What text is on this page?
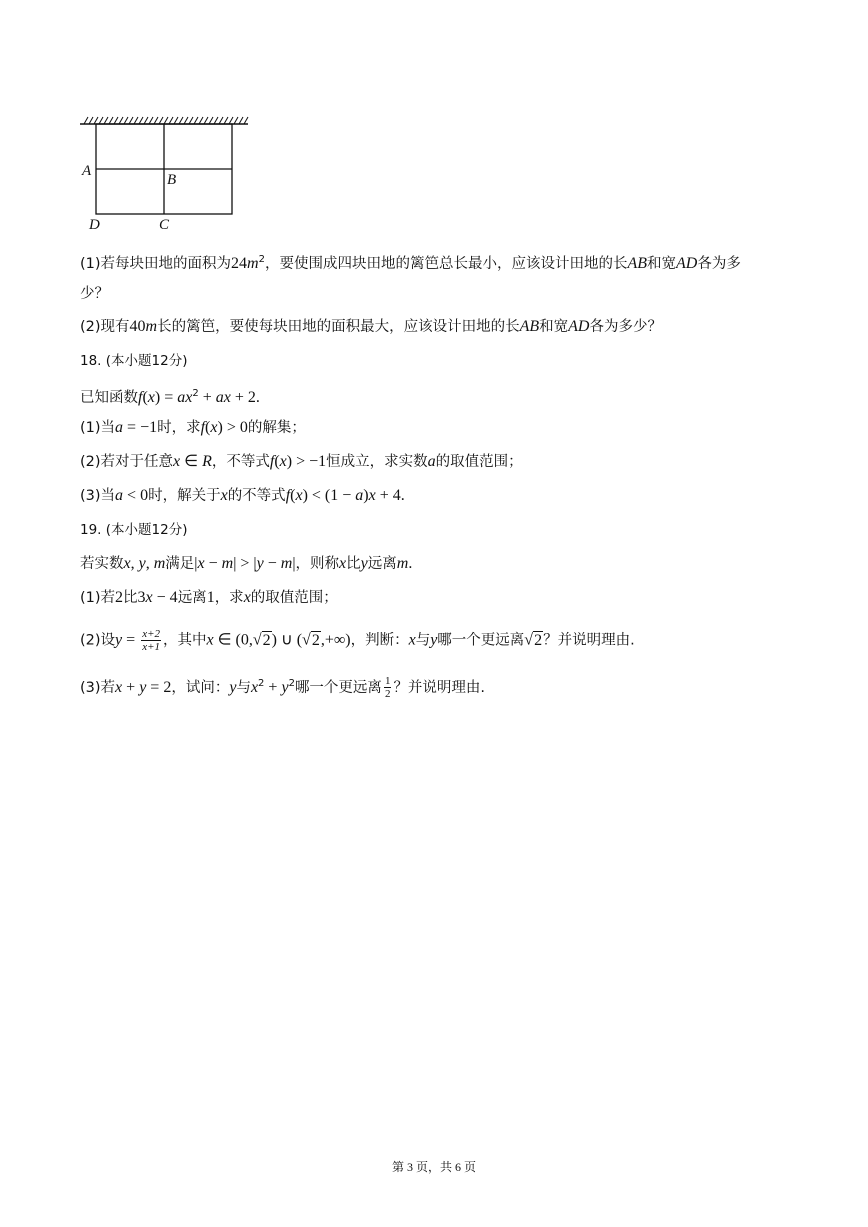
A
B
D	C
(1)若每块田地的面积为$24m^2$，要使围成四块田地的篱笆总长最小，应该设计田地的长AB和宽AD各为多
少？
(2)现有40m长的篱笆，要使每块田地的面积最大，应该设计田地的长AB和宽AD各为多少？
18. (本小题12分)
已知函数$f(x) = ax^2$ + ax + 2.
(1)当a = −1时，求f(x) > 0的解集；
(2)若对于任意x ∈ R，不等式f(x) > −1恒成立，求实数a的取值范围；
(3)当a < 0时，解关于x的不等式f(x) < (1 − a)x + 4.
19. (本小题12分)
若实数x, y, m满足|x − m| > |y − m|，则称x比y远离m.
(1)若2比3x − 4远离1，求x的取值范围；
(2)设$y = \frac{x+2}{x+1}$ ，其中x ∈ (0,√2) ∪ (√2,+∞)，判断：x与y哪一个更远离√2？并说明理由.
(3)若x + y = 2，试问：y与$x^2 + y^2$哪一个更远离 $\frac{1}{2}$ ？并说明理由.
第 3 页，共 6 页
